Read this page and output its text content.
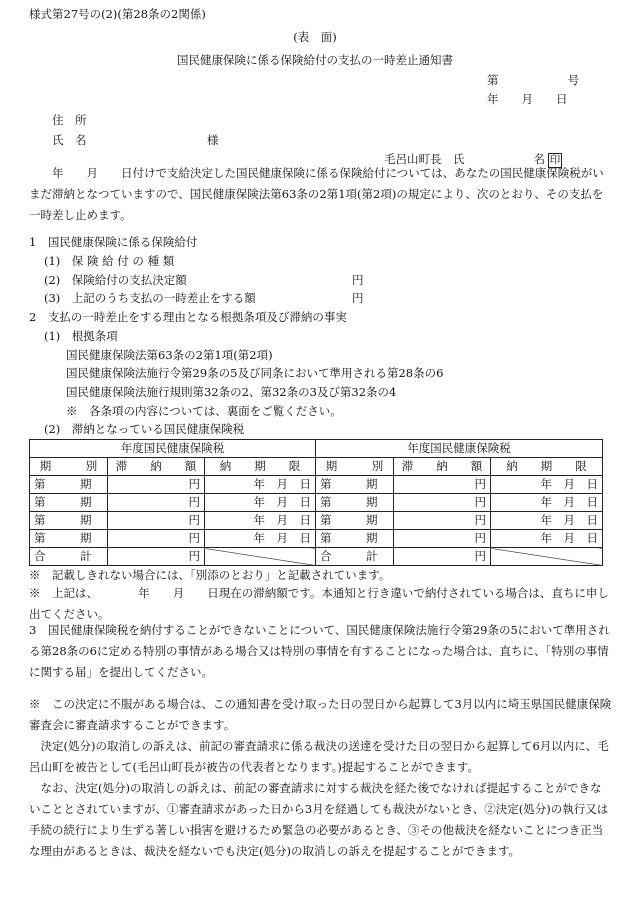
様式第27号の(2)(第28条の2関係)
(表　面)
国民健康保険に係る保険給付の支払の一時差止通知書
第　　　　　　号
年　　月　　日
住　所
氏　名	様
毛呂山町長　氏　　　　　　名 印
　　年　　月　　日付けで支給決定した国民健康保険に係る保険給付については、あなたの国民健康保険税がいまだ滞納となつていますので、国民健康保険法第63条の2第1項(第2項)の規定により、次のとおり、その支払を一時差し止めます。
1　国民健康保険に係る保険給付
(1)　保 険 給 付 の 種 類
(2)　保険給付の支払決定額	円
(3)　上記のうち支払の一時差止をする額	円
2　支払の一時差止をする理由となる根拠条項及び滞納の事実
(1)　根拠条項
国民健康保険法第63条の2第1項(第2項)
国民健康保険法施行令第29条の5及び同条において準用される第28条の6
国民健康保険法施行規則第32条の2、第32条の3及び第32条の4
※　各条項の内容については、裏面をご覧ください。
(2)　滞納となっている国民健康保険税
年度国民健康保険税			年度国民健康保険税		
期　　　別	滞　　納　　額	納　　期　　限	期　　　別	滞　　納　　額	納　　期　　限
第　　　期	円	年　月　日	第　　　期	円	年　月　日
第　　　期	円	年　月　日	第　　　期	円	年　月　日
第　　　期	円	年　月　日	第　　　期	円	年　月　日
第　　　期	円	年　月　日	第　　　期	円	年　月　日
合　　　計	円		合　　　計	円	
※　記載しきれない場合には、「別添のとおり」と記載されています。
※　上記は、　　　　年　　月　　日現在の滞納額です。本通知と行き違いで納付されている場合は、直ちに申し出てください。
3　国民健康保険税を納付することができないことについて、国民健康保険法施行令第29条の5において準用される第28条の6に定める特別の事情がある場合又は特別の事情を有することになった場合は、直ちに、「特別の事情に関する届」を提出してください。
※　この決定に不服がある場合は、この通知書を受け取った日の翌日から起算して3月以内に埼玉県国民健康保険審査会に審査請求することができます。
　決定(処分)の取消しの訴えは、前記の審査請求に係る裁決の送達を受けた日の翌日から起算して6月以内に、毛呂山町を被告として(毛呂山町長が被告の代表者となります。)提起することができます。
　なお、決定(処分)の取消しの訴えは、前記の審査請求に対する裁決を経た後でなければ提起することができないこととされていますが、①審査請求があった日から3月を経過しても裁決がないとき、②決定(処分)の執行又は手続の続行により生ずる著しい損害を避けるため緊急の必要があるとき、③その他裁決を経ないことにつき正当な理由があるときは、裁決を経ないでも決定(処分)の取消しの訴えを提起することができます。
